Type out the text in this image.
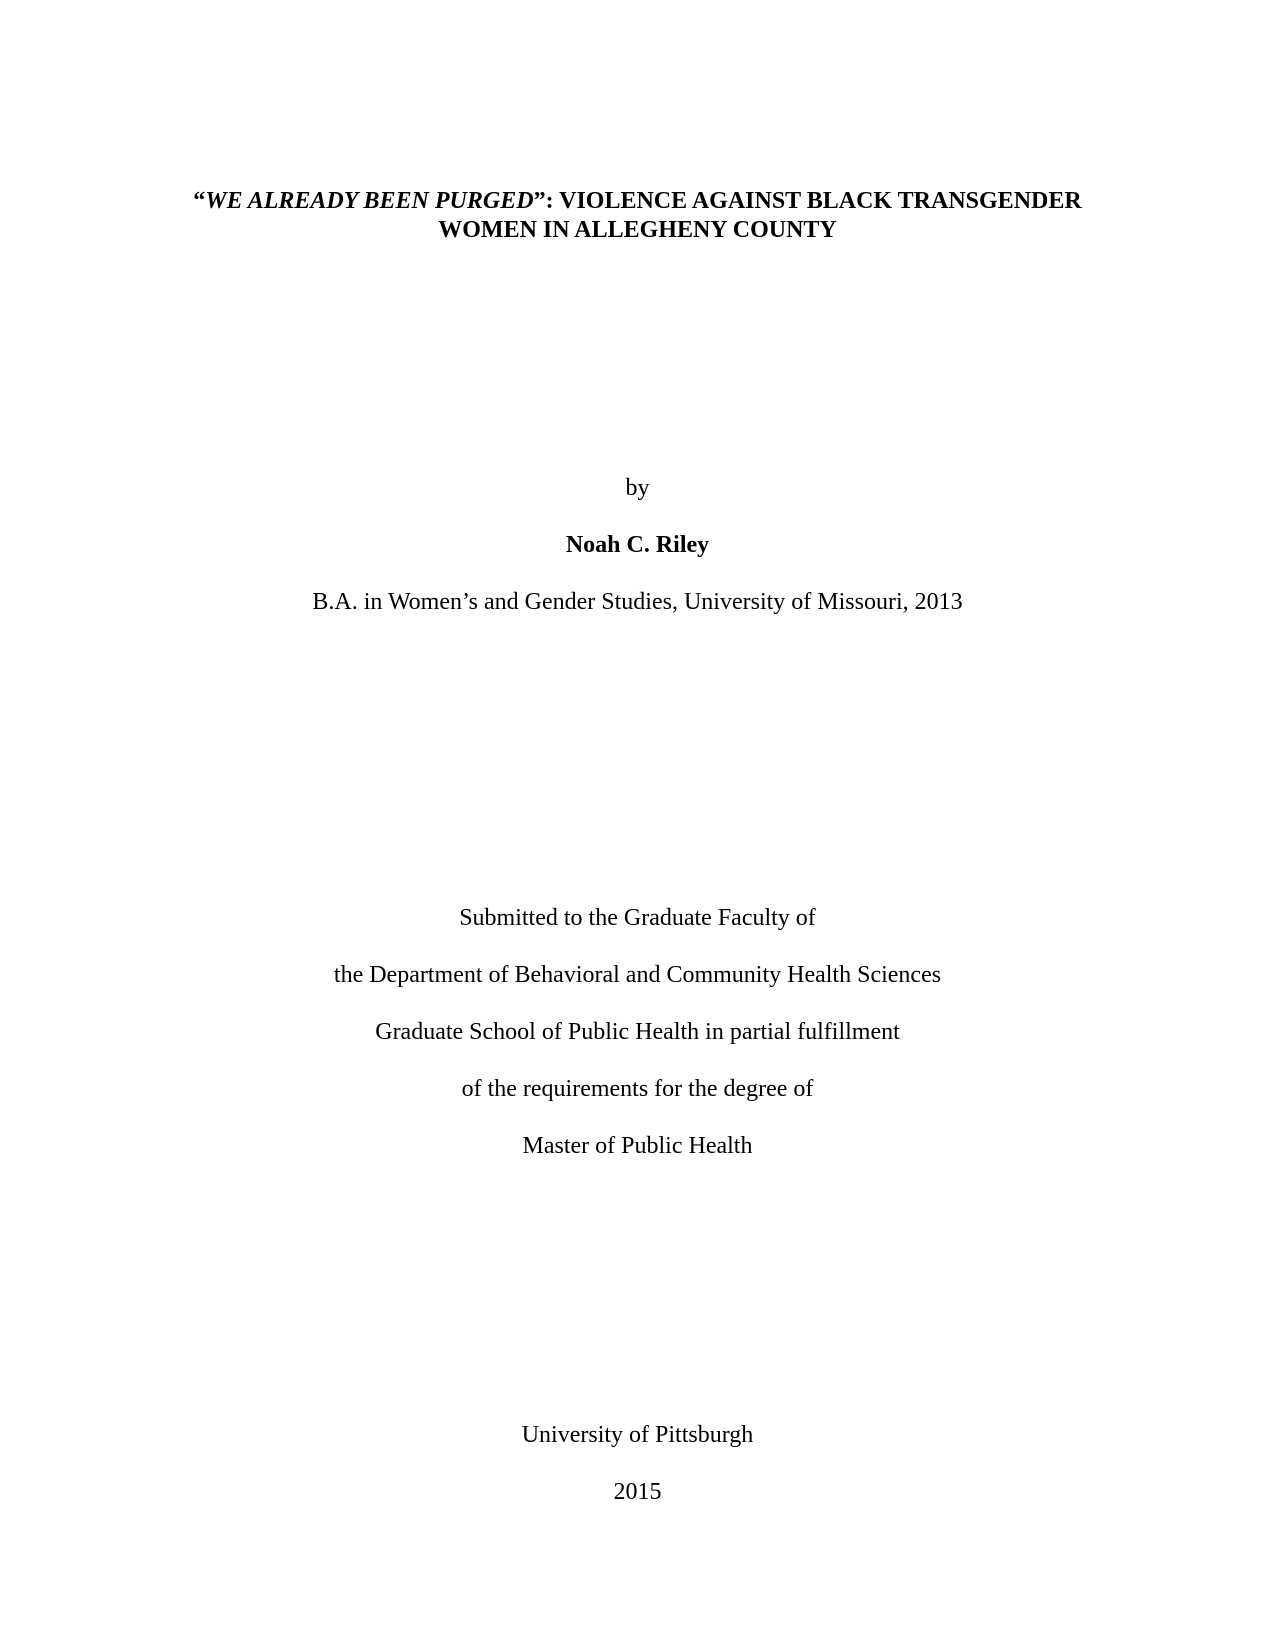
“WE ALREADY BEEN PURGED”: VIOLENCE AGAINST BLACK TRANSGENDER
WOMEN IN ALLEGHENY COUNTY
by
Noah C. Riley
B.A. in Women’s and Gender Studies, University of Missouri, 2013
Submitted to the Graduate Faculty of
the Department of Behavioral and Community Health Sciences
Graduate School of Public Health in partial fulfillment
of the requirements for the degree of
Master of Public Health
University of Pittsburgh
2015
